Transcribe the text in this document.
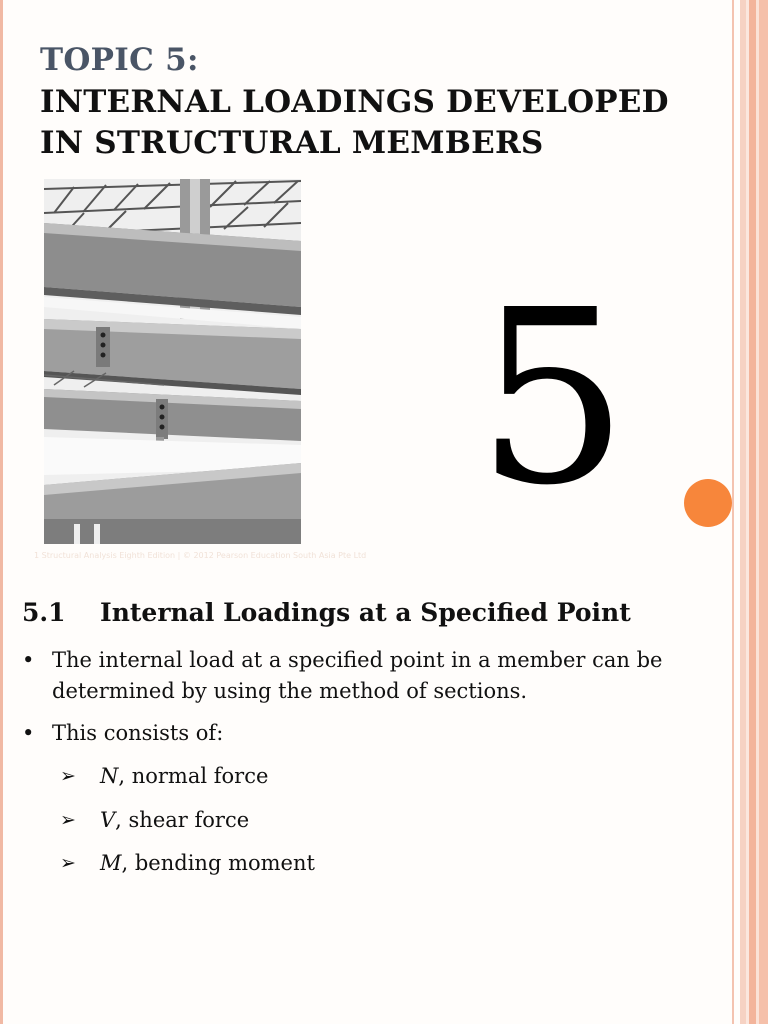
TOPIC 5:
INTERNAL LOADINGS DEVELOPED
IN STRUCTURAL MEMBERS
5
1 Structural Analysis Eighth Edition | © 2012 Pearson Education South Asia Pte Ltd
5.1 Internal Loadings at a Specified Point
• The internal load at a specified point in a member can be
determined by using the method of sections.
• This consists of:
➢ N, normal force
➢ V, shear force
➢ M, bending moment
